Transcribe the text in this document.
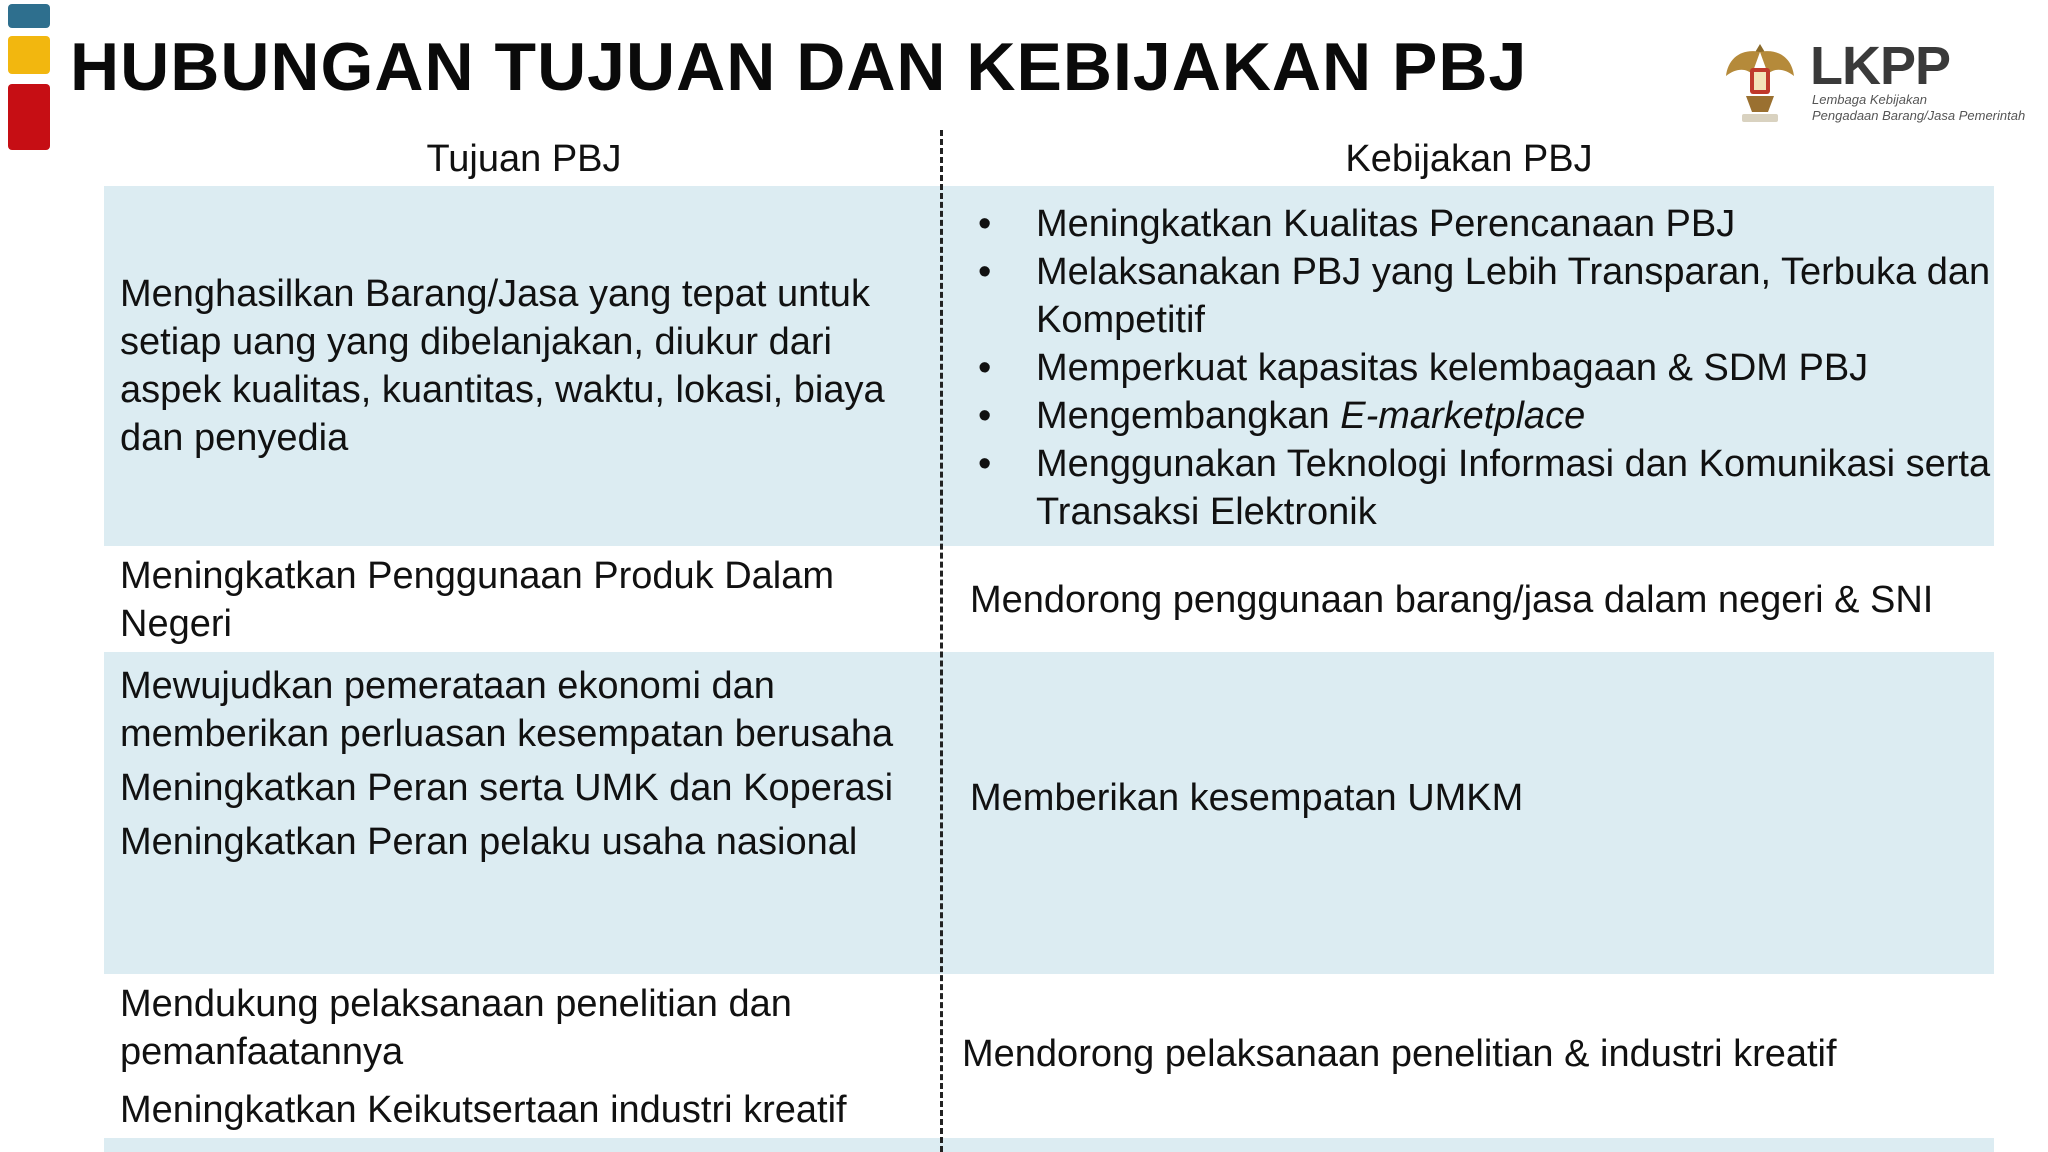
HUBUNGAN TUJUAN DAN KEBIJAKAN PBJ	LKPP
Lembaga Kebijakan
Pengadaan Barang/Jasa Pemerintah
Tujuan PBJ	Kebijakan PBJ

Menghasilkan Barang/Jasa yang tepat untuk setiap uang yang dibelanjakan, diukur dari aspek kualitas, kuantitas, waktu, lokasi, biaya dan penyedia

• Meningkatkan Kualitas Perencanaan PBJ
• Melaksanakan PBJ yang Lebih Transparan, Terbuka dan Kompetitif
• Memperkuat kapasitas kelembagaan & SDM PBJ
• Mengembangkan E-marketplace
• Menggunakan Teknologi Informasi dan Komunikasi serta Transaksi Elektronik

Meningkatkan Penggunaan Produk Dalam Negeri

Mendorong penggunaan barang/jasa dalam negeri & SNI

Mewujudkan pemerataan ekonomi dan memberikan perluasan kesempatan berusaha

Meningkatkan Peran serta UMK dan Koperasi

Meningkatkan Peran pelaku usaha nasional

Memberikan kesempatan UMKM

Mendukung pelaksanaan penelitian dan pemanfaatannya

Meningkatkan Keikutsertaan industri kreatif

Mendorong pelaksanaan penelitian & industri kreatif
